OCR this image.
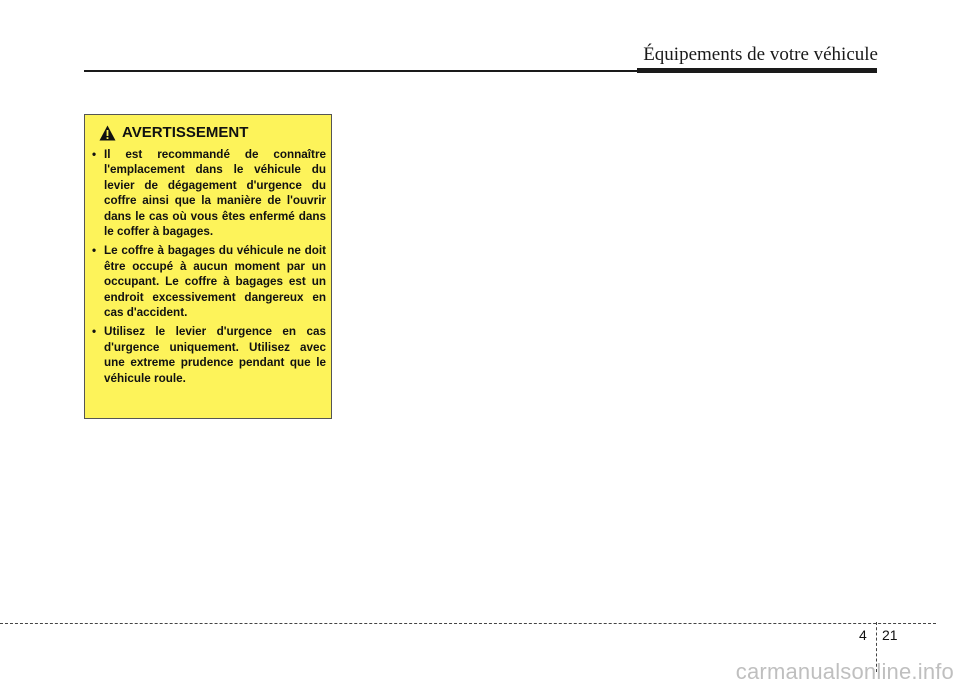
Équipements de votre véhicule
AVERTISSEMENT
• Il est recommandé de connaître l'emplacement dans le véhicule du levier de dégagement d'urgence du coffre ainsi que la manière de l'ouvrir dans le cas où vous êtes enfermé dans le coffer à bagages.
• Le coffre à bagages du véhicule ne doit être occupé à aucun moment par un occupant. Le coffre à bagages est un endroit excessivement dangereux en cas d'accident.
• Utilisez le levier d'urgence en cas d'urgence uniquement. Utilisez avec une extreme prudence pendant que le véhicule roule.
4 21
carmanualsonline.info
